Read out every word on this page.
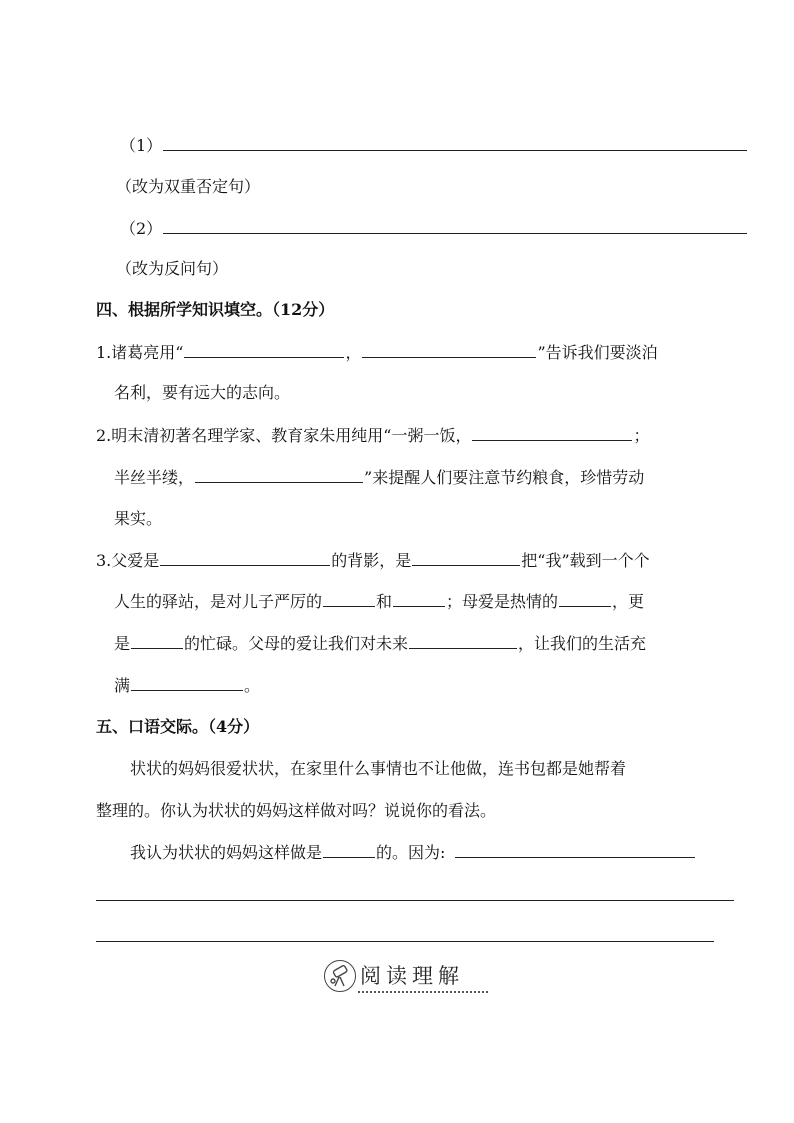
（1）
（改为双重否定句）
（2）
（改为反问句）
四、根据所学知识填空。（12分）
1.诸葛亮用“	，	”告诉我们要淡泊
名利，要有远大的志向。
2.明末清初著名理学家、教育家朱用纯用“一粥一饭，	；
半丝半缕，	”来提醒人们要注意节约粮食，珍惜劳动
果实。
3.父爱是	的背影，是	把“我”载到一个个
人生的驿站，是对儿子严厉的	和	；母爱是热情的	，更
是	的忙碌。父母的爱让我们对未来	，让我们的生活充
满	。
五、口语交际。（4分）
状状的妈妈很爱状状，在家里什么事情也不让他做，连书包都是她帮着
整理的。你认为状状的妈妈这样做对吗？说说你的看法。
我认为状状的妈妈这样做是	的。因为:
阅读理解
